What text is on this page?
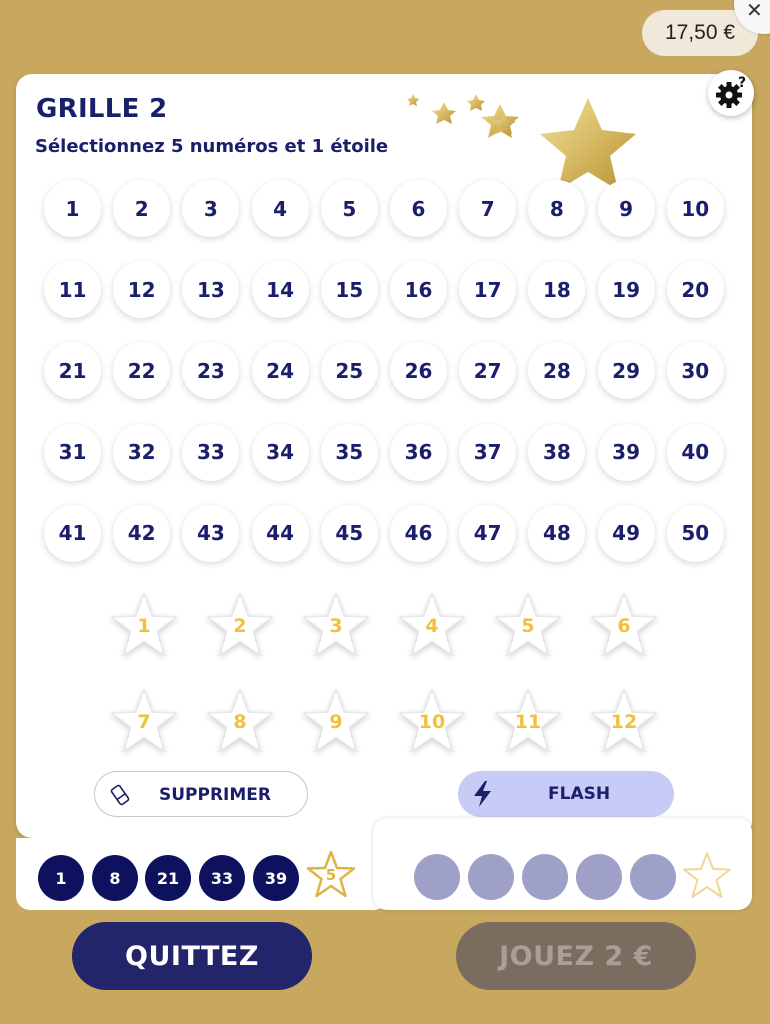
17,50 €
✕
GRILLE 2
Sélectionnez 5 numéros et 1 étoile
?
1	2	3	4	5	6	7	8	9	10
11	12	13	14	15	16	17	18	19	20
21	22	23	24	25	26	27	28	29	30
31	32	33	34	35	36	37	38	39	40
41	42	43	44	45	46	47	48	49	50
1	2	3	4	5	6
7	8	9	10	11	12
SUPPRIMER	FLASH
1	8	21	33	39	5
QUITTEZ	JOUEZ 2 €
